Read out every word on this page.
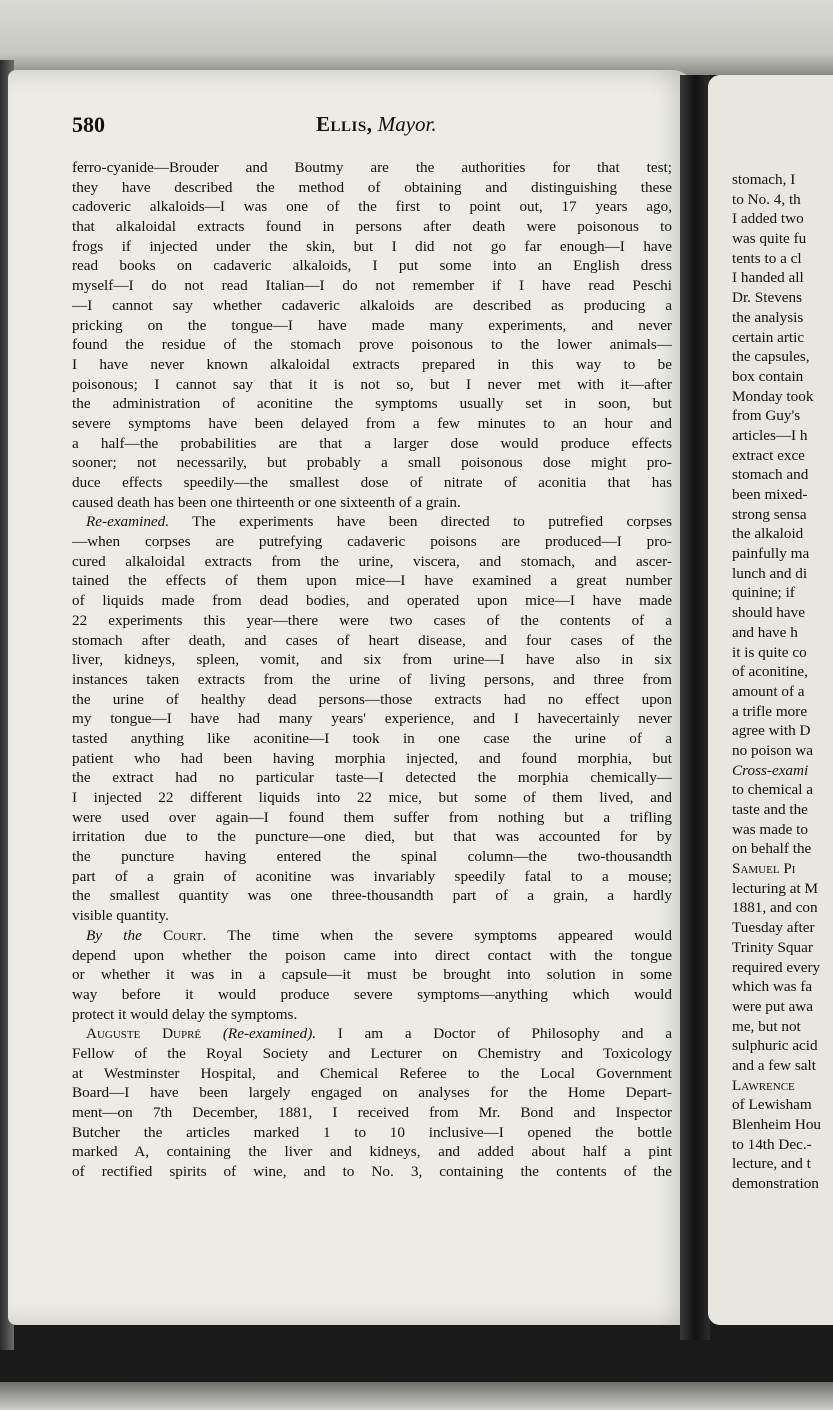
580	Ellis, Mayor.
ferro-cyanide—Brouder and Boutmy are the authorities for that test;
they have described the method of obtaining and distinguishing these
cadoveric alkaloids—I was one of the first to point out, 17 years ago,
that alkaloidal extracts found in persons after death were poisonous to
frogs if injected under the skin, but I did not go far enough—I have
read books on cadaveric alkaloids, I put some into an English dress
myself—I do not read Italian—I do not remember if I have read Peschi
—I cannot say whether cadaveric alkaloids are described as producing a
pricking on the tongue—I have made many experiments, and never
found the residue of the stomach prove poisonous to the lower animals—
I have never known alkaloidal extracts prepared in this way to be
poisonous; I cannot say that it is not so, but I never met with it—after
the administration of aconitine the symptoms usually set in soon, but
severe symptoms have been delayed from a few minutes to an hour and
a half—the probabilities are that a larger dose would produce effects
sooner; not necessarily, but probably a small poisonous dose might pro-
duce effects speedily—the smallest dose of nitrate of aconitia that has
caused death has been one thirteenth or one sixteenth of a grain.
Re-examined. The experiments have been directed to putrefied corpses
—when corpses are putrefying cadaveric poisons are produced—I pro-
cured alkaloidal extracts from the urine, viscera, and stomach, and ascer-
tained the effects of them upon mice—I have examined a great number
of liquids made from dead bodies, and operated upon mice—I have made
22 experiments this year—there were two cases of the contents of a
stomach after death, and cases of heart disease, and four cases of the
liver, kidneys, spleen, vomit, and six from urine—I have also in six
instances taken extracts from the urine of living persons, and three from
the urine of healthy dead persons—those extracts had no effect upon
my tongue—I have had many years' experience, and I havecertainly never
tasted anything like aconitine—I took in one case the urine of a
patient who had been having morphia injected, and found morphia, but
the extract had no particular taste—I detected the morphia chemically—
I injected 22 different liquids into 22 mice, but some of them lived, and
were used over again—I found them suffer from nothing but a trifling
irritation due to the puncture—one died, but that was accounted for by
the puncture having entered the spinal column—the two-thousandth
part of a grain of aconitine was invariably speedily fatal to a mouse;
the smallest quantity was one three-thousandth part of a grain, a hardly
visible quantity.
By the Court. The time when the severe symptoms appeared would
depend upon whether the poison came into direct contact with the tongue
or whether it was in a capsule—it must be brought into solution in some
way before it would produce severe symptoms—anything which would
protect it would delay the symptoms.
Auguste Dupré (Re-examined). I am a Doctor of Philosophy and a
Fellow of the Royal Society and Lecturer on Chemistry and Toxicology
at Westminster Hospital, and Chemical Referee to the Local Government
Board—I have been largely engaged on analyses for the Home Depart-
ment—on 7th December, 1881, I received from Mr. Bond and Inspector
Butcher the articles marked 1 to 10 inclusive—I opened the bottle
marked A, containing the liver and kidneys, and added about half a pint
of rectified spirits of wine, and to No. 3, containing the contents of the
stomach, I
to No. 4, th
I added two
was quite fu
tents to a cl
I handed all
Dr. Stevens
the analysis
certain artic
the capsules,
box contain
Monday took
from Guy's
articles—I h
extract exce
stomach and
been mixed-
strong sensa
the alkaloid
painfully ma
lunch and di
quinine; if
should have
and have h
it is quite co
of aconitine,
amount of a
a trifle more
agree with D
no poison wa
Cross-exami
to chemical a
taste and the
was made to
on behalf the
Samuel Pi
lecturing at M
1881, and con
Tuesday after
Trinity Squar
required every
which was fa
were put awa
me, but not
sulphuric acid
and a few salt
Lawrence
of Lewisham
Blenheim Hou
to 14th Dec.-
lecture, and t
demonstration
